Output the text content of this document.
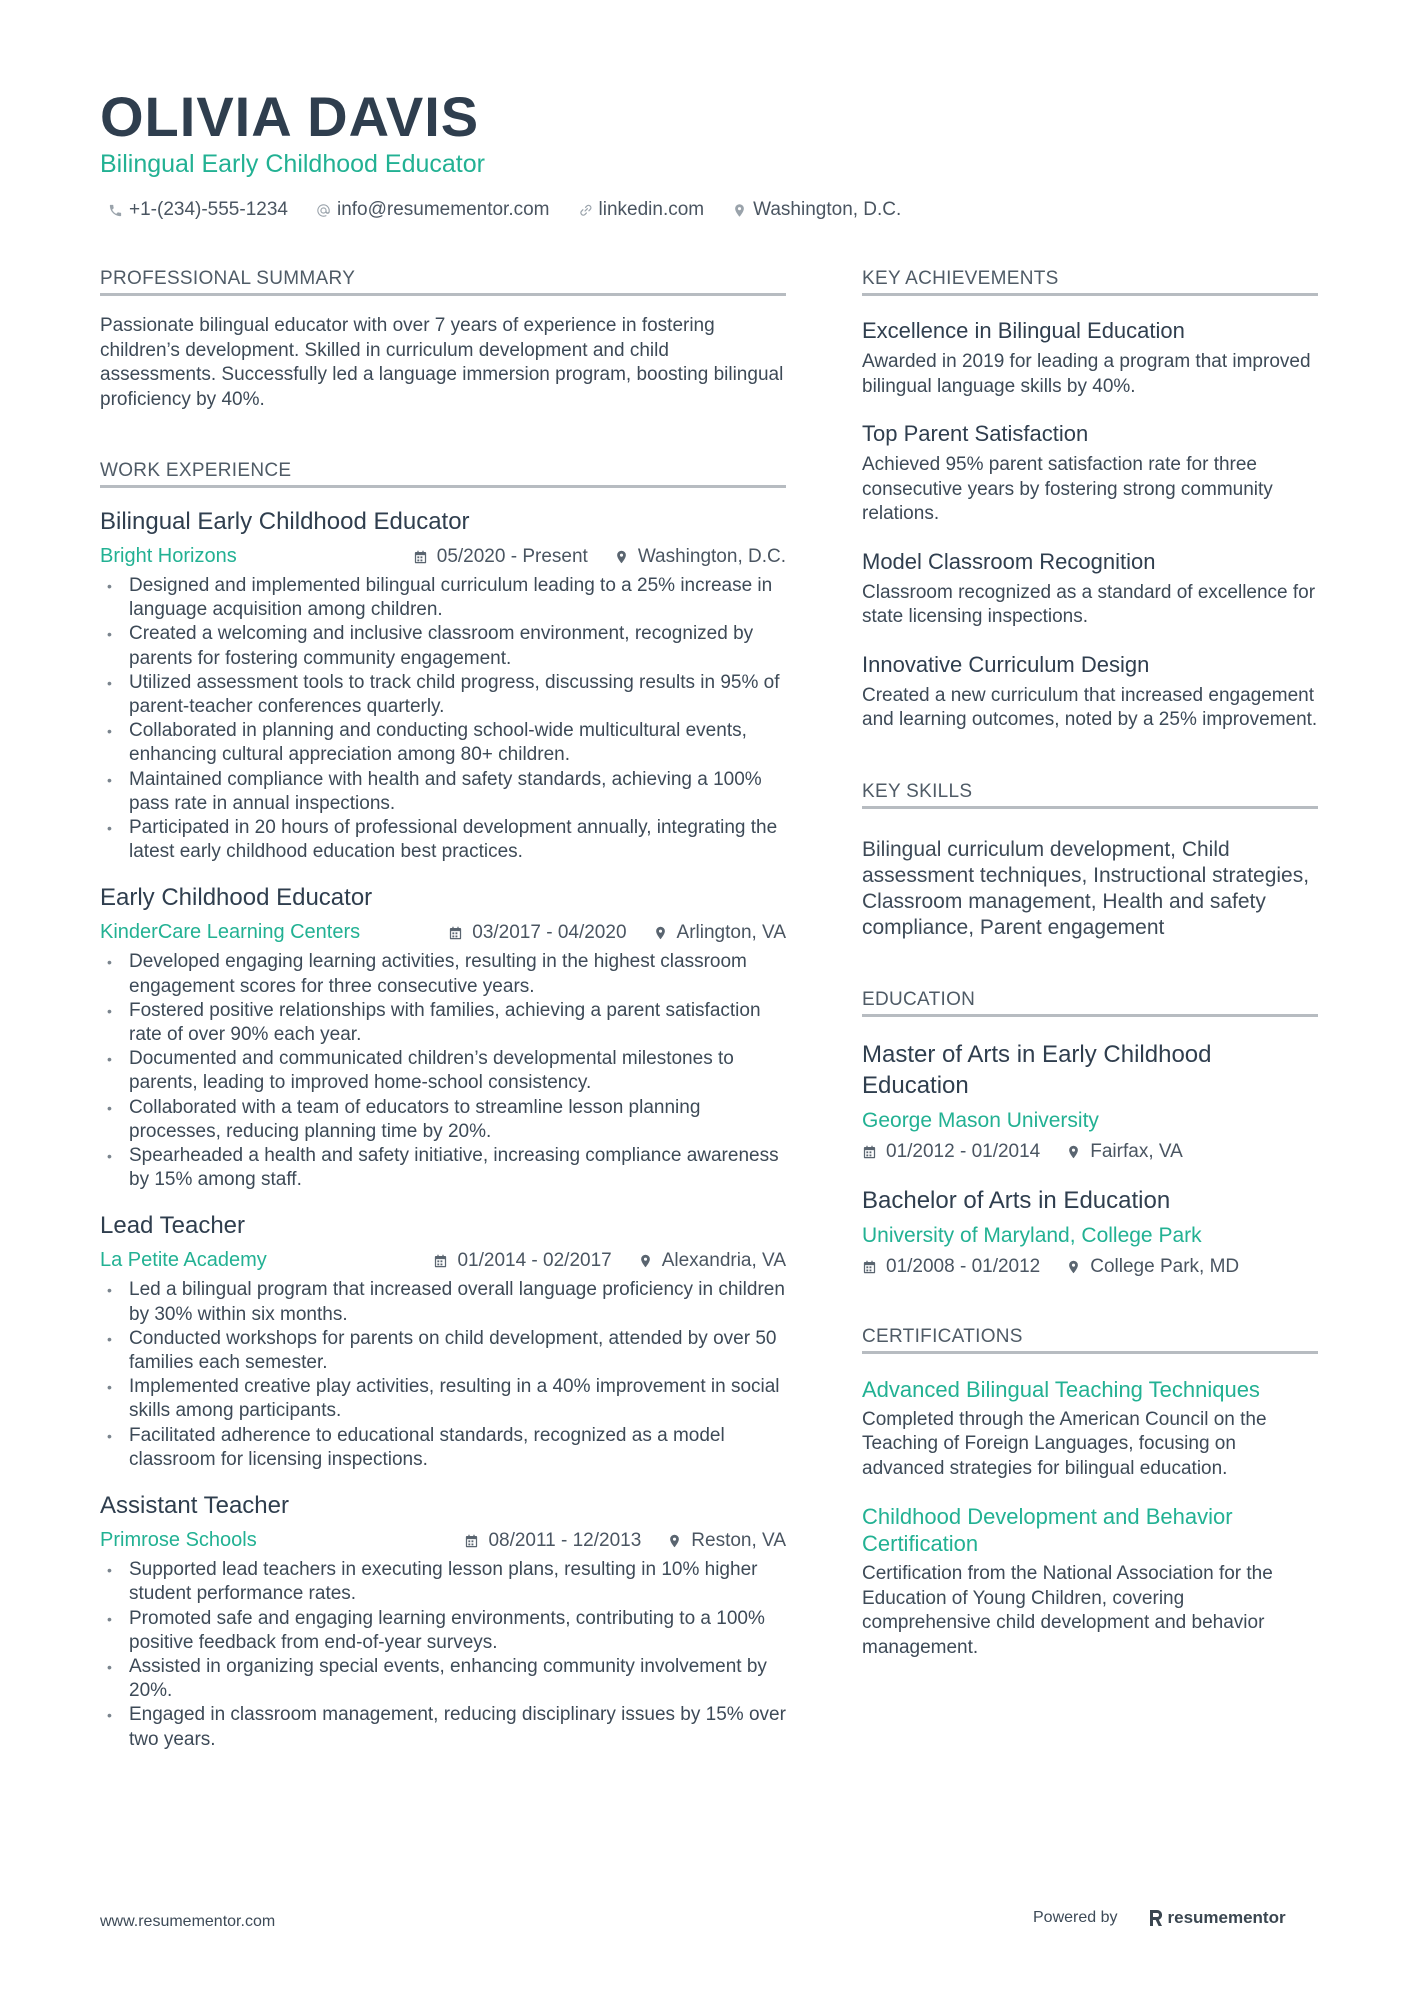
OLIVIA DAVIS
Bilingual Early Childhood Educator
+1-(234)-555-1234	info@resumementor.com	linkedin.com	Washington, D.C.
PROFESSIONAL SUMMARY
Passionate bilingual educator with over 7 years of experience in fostering children’s development. Skilled in curriculum development and child assessments. Successfully led a language immersion program, boosting bilingual proficiency by 40%.
WORK EXPERIENCE
Bilingual Early Childhood Educator
Bright Horizons	05/2020 - Present	Washington, D.C.
• Designed and implemented bilingual curriculum leading to a 25% increase in language acquisition among children.
• Created a welcoming and inclusive classroom environment, recognized by parents for fostering community engagement.
• Utilized assessment tools to track child progress, discussing results in 95% of parent-teacher conferences quarterly.
• Collaborated in planning and conducting school-wide multicultural events, enhancing cultural appreciation among 80+ children.
• Maintained compliance with health and safety standards, achieving a 100% pass rate in annual inspections.
• Participated in 20 hours of professional development annually, integrating the latest early childhood education best practices.
Early Childhood Educator
KinderCare Learning Centers	03/2017 - 04/2020	Arlington, VA
• Developed engaging learning activities, resulting in the highest classroom engagement scores for three consecutive years.
• Fostered positive relationships with families, achieving a parent satisfaction rate of over 90% each year.
• Documented and communicated children’s developmental milestones to parents, leading to improved home-school consistency.
• Collaborated with a team of educators to streamline lesson planning processes, reducing planning time by 20%.
• Spearheaded a health and safety initiative, increasing compliance awareness by 15% among staff.
Lead Teacher
La Petite Academy	01/2014 - 02/2017	Alexandria, VA
• Led a bilingual program that increased overall language proficiency in children by 30% within six months.
• Conducted workshops for parents on child development, attended by over 50 families each semester.
• Implemented creative play activities, resulting in a 40% improvement in social skills among participants.
• Facilitated adherence to educational standards, recognized as a model classroom for licensing inspections.
Assistant Teacher
Primrose Schools	08/2011 - 12/2013	Reston, VA
• Supported lead teachers in executing lesson plans, resulting in 10% higher student performance rates.
• Promoted safe and engaging learning environments, contributing to a 100% positive feedback from end-of-year surveys.
• Assisted in organizing special events, enhancing community involvement by 20%.
• Engaged in classroom management, reducing disciplinary issues by 15% over two years.
KEY ACHIEVEMENTS
Excellence in Bilingual Education
Awarded in 2019 for leading a program that improved bilingual language skills by 40%.
Top Parent Satisfaction
Achieved 95% parent satisfaction rate for three consecutive years by fostering strong community relations.
Model Classroom Recognition
Classroom recognized as a standard of excellence for state licensing inspections.
Innovative Curriculum Design
Created a new curriculum that increased engagement and learning outcomes, noted by a 25% improvement.
KEY SKILLS
Bilingual curriculum development, Child assessment techniques, Instructional strategies, Classroom management, Health and safety compliance, Parent engagement
EDUCATION
Master of Arts in Early Childhood Education
George Mason University
01/2012 - 01/2014	Fairfax, VA
Bachelor of Arts in Education
University of Maryland, College Park
01/2008 - 01/2012	College Park, MD
CERTIFICATIONS
Advanced Bilingual Teaching Techniques
Completed through the American Council on the Teaching of Foreign Languages, focusing on advanced strategies for bilingual education.
Childhood Development and Behavior Certification
Certification from the National Association for the Education of Young Children, covering comprehensive child development and behavior management.
www.resumementor.com	Powered by	resumementor
